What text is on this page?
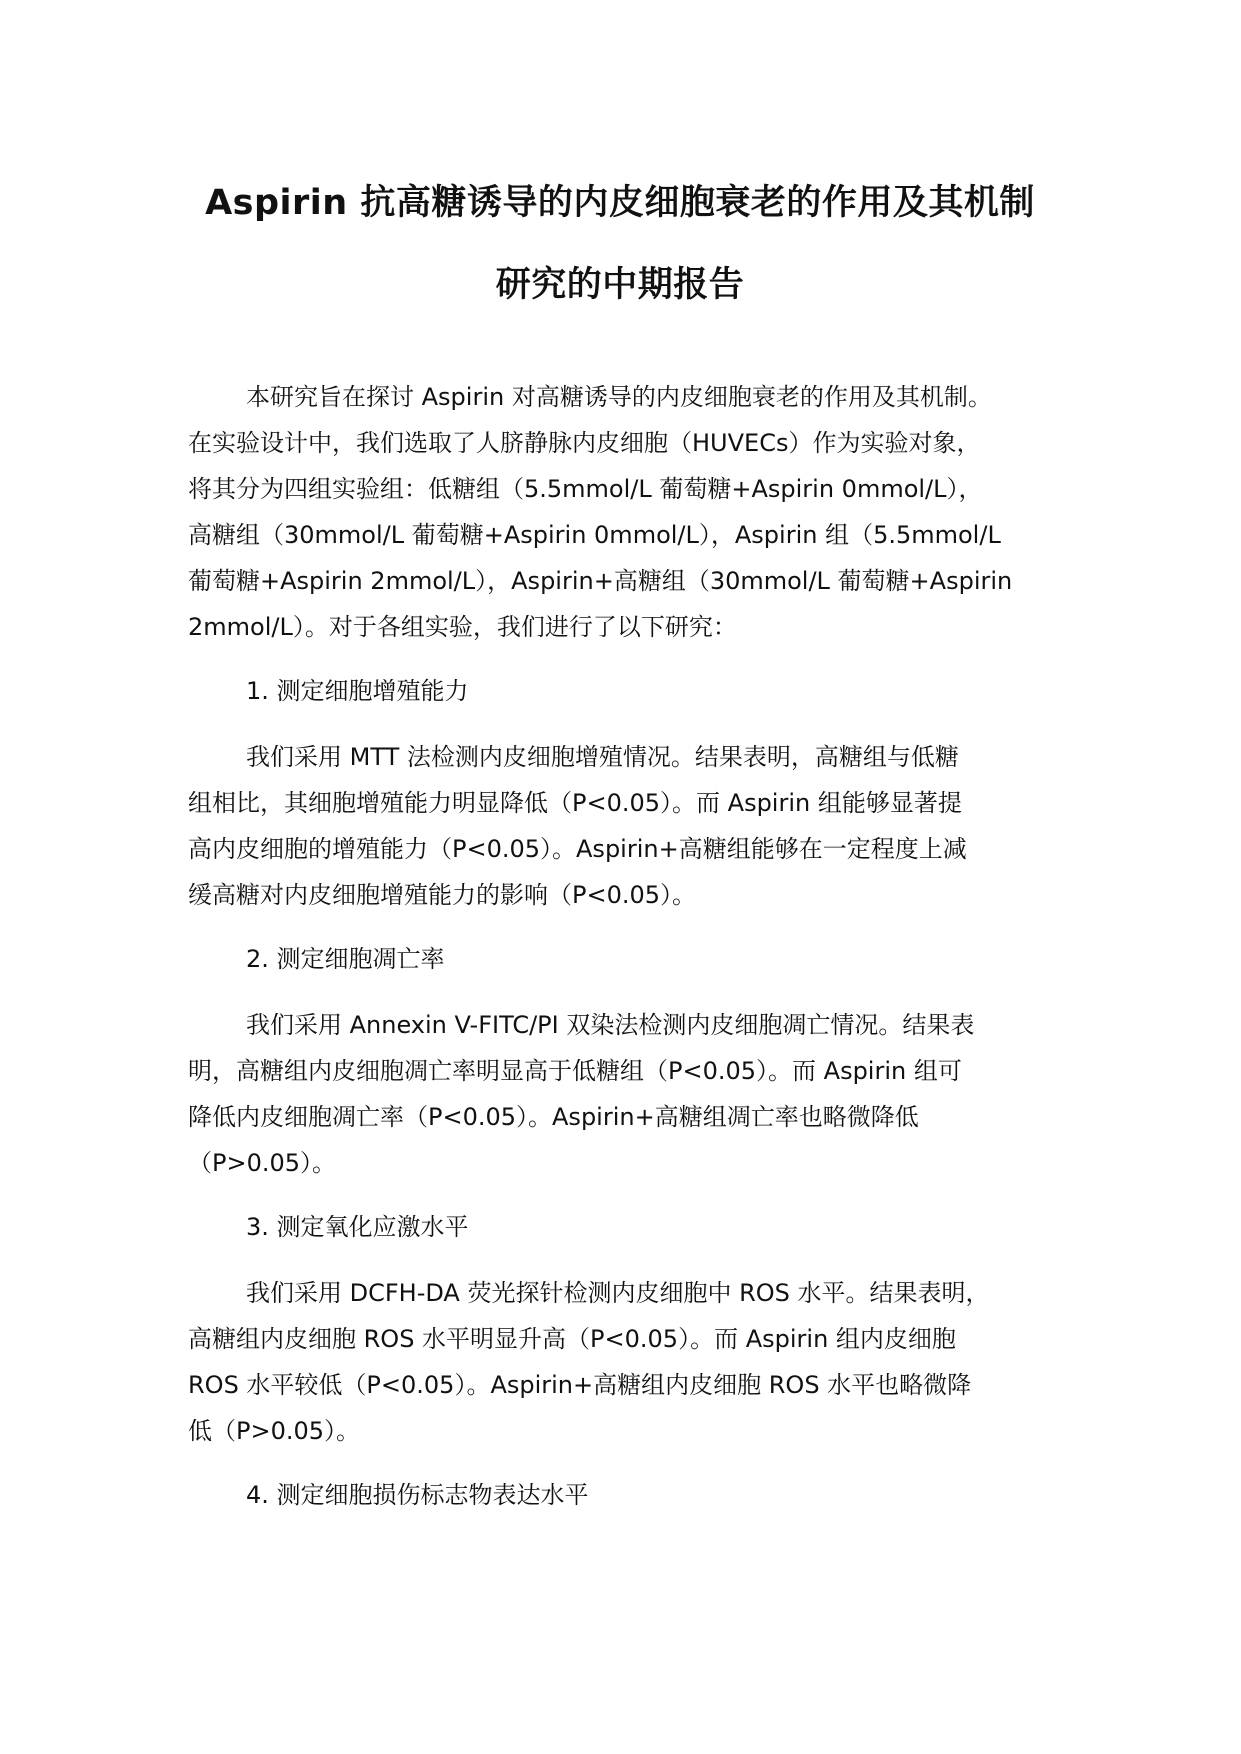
Aspirin 抗高糖诱导的内皮细胞衰老的作用及其机制
研究的中期报告

本研究旨在探讨 Aspirin 对高糖诱导的内皮细胞衰老的作用及其机制。
在实验设计中，我们选取了人脐静脉内皮细胞（HUVECs）作为实验对象，
将其分为四组实验组：低糖组（5.5mmol/L 葡萄糖+Aspirin 0mmol/L），
高糖组（30mmol/L 葡萄糖+Aspirin 0mmol/L），Aspirin 组（5.5mmol/L
葡萄糖+Aspirin 2mmol/L），Aspirin+高糖组（30mmol/L 葡萄糖+Aspirin
2mmol/L）。对于各组实验，我们进行了以下研究：

1. 测定细胞增殖能力

我们采用 MTT 法检测内皮细胞增殖情况。结果表明，高糖组与低糖
组相比，其细胞增殖能力明显降低（P<0.05）。而 Aspirin 组能够显著提
高内皮细胞的增殖能力（P<0.05）。Aspirin+高糖组能够在一定程度上减
缓高糖对内皮细胞增殖能力的影响（P<0.05）。

2. 测定细胞凋亡率

我们采用 Annexin V-FITC/PI 双染法检测内皮细胞凋亡情况。结果表
明，高糖组内皮细胞凋亡率明显高于低糖组（P<0.05）。而 Aspirin 组可
降低内皮细胞凋亡率（P<0.05）。Aspirin+高糖组凋亡率也略微降低
（P>0.05）。

3. 测定氧化应激水平

我们采用 DCFH-DA 荧光探针检测内皮细胞中 ROS 水平。结果表明，
高糖组内皮细胞 ROS 水平明显升高（P<0.05）。而 Aspirin 组内皮细胞
ROS 水平较低（P<0.05）。Aspirin+高糖组内皮细胞 ROS 水平也略微降
低（P>0.05）。

4. 测定细胞损伤标志物表达水平
